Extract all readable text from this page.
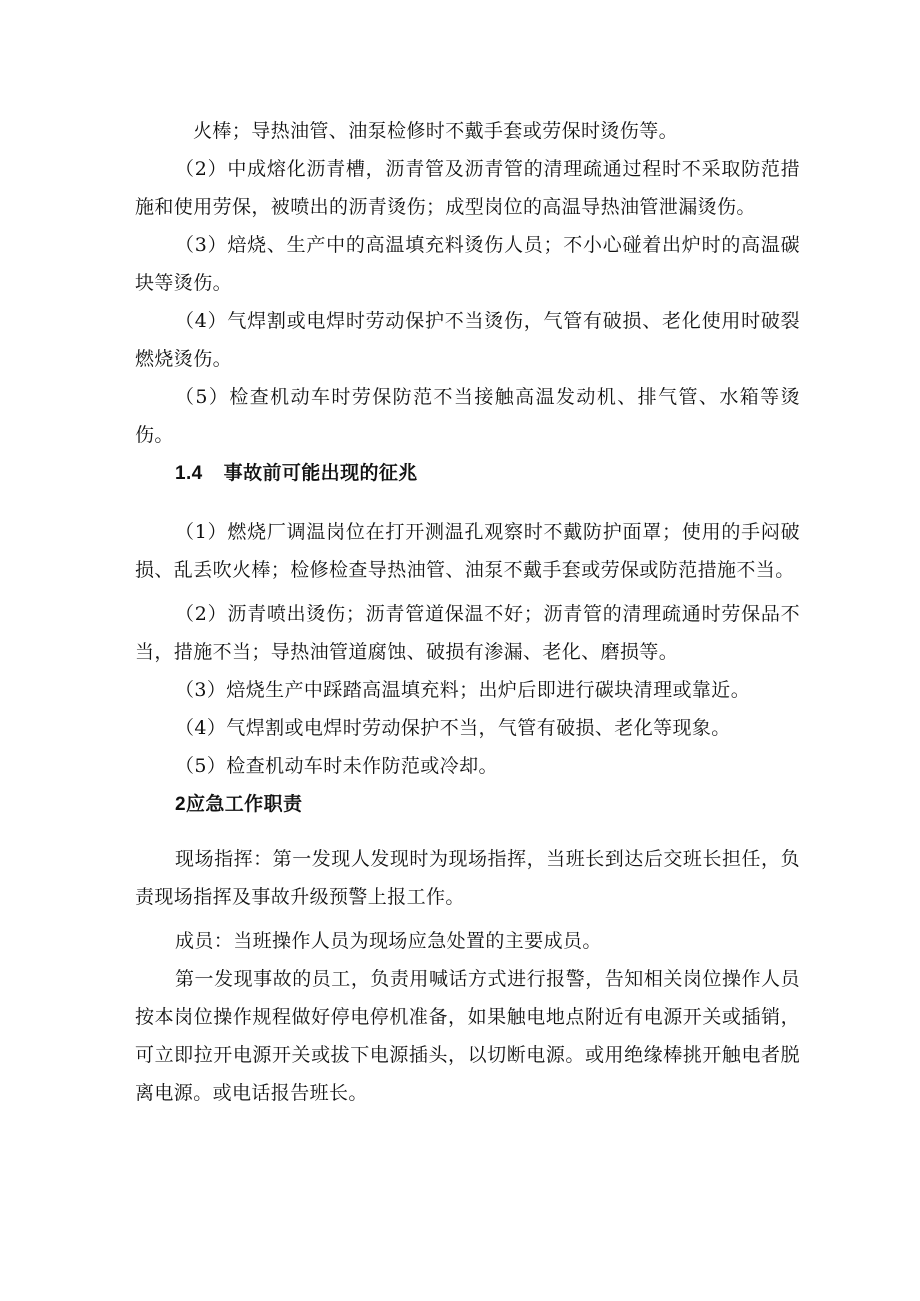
火棒；导热油管、油泵检修时不戴手套或劳保时烫伤等。

（2）中成熔化沥青槽，沥青管及沥青管的清理疏通过程时不采取防范措施和使用劳保，被喷出的沥青烫伤；成型岗位的高温导热油管泄漏烫伤。

（3）焙烧、生产中的高温填充料烫伤人员；不小心碰着出炉时的高温碳块等烫伤。

（4）气焊割或电焊时劳动保护不当烫伤，气管有破损、老化使用时破裂燃烧烫伤。

（5）检查机动车时劳保防范不当接触高温发动机、排气管、水箱等烫伤。

1.4 事故前可能出现的征兆

（1）燃烧厂调温岗位在打开测温孔观察时不戴防护面罩；使用的手闷破损、乱丢吹火棒；检修检查导热油管、油泵不戴手套或劳保或防范措施不当。

（2）沥青喷出烫伤；沥青管道保温不好；沥青管的清理疏通时劳保品不当，措施不当；导热油管道腐蚀、破损有渗漏、老化、磨损等。

（3）焙烧生产中踩踏高温填充料；出炉后即进行碳块清理或靠近。

（4）气焊割或电焊时劳动保护不当，气管有破损、老化等现象。

（5）检查机动车时未作防范或冷却。

2应急工作职责

现场指挥：第一发现人发现时为现场指挥，当班长到达后交班长担任，负责现场指挥及事故升级预警上报工作。

成员：当班操作人员为现场应急处置的主要成员。

第一发现事故的员工，负责用喊话方式进行报警，告知相关岗位操作人员按本岗位操作规程做好停电停机准备，如果触电地点附近有电源开关或插销，可立即拉开电源开关或拔下电源插头，以切断电源。或用绝缘棒挑开触电者脱离电源。或电话报告班长。
